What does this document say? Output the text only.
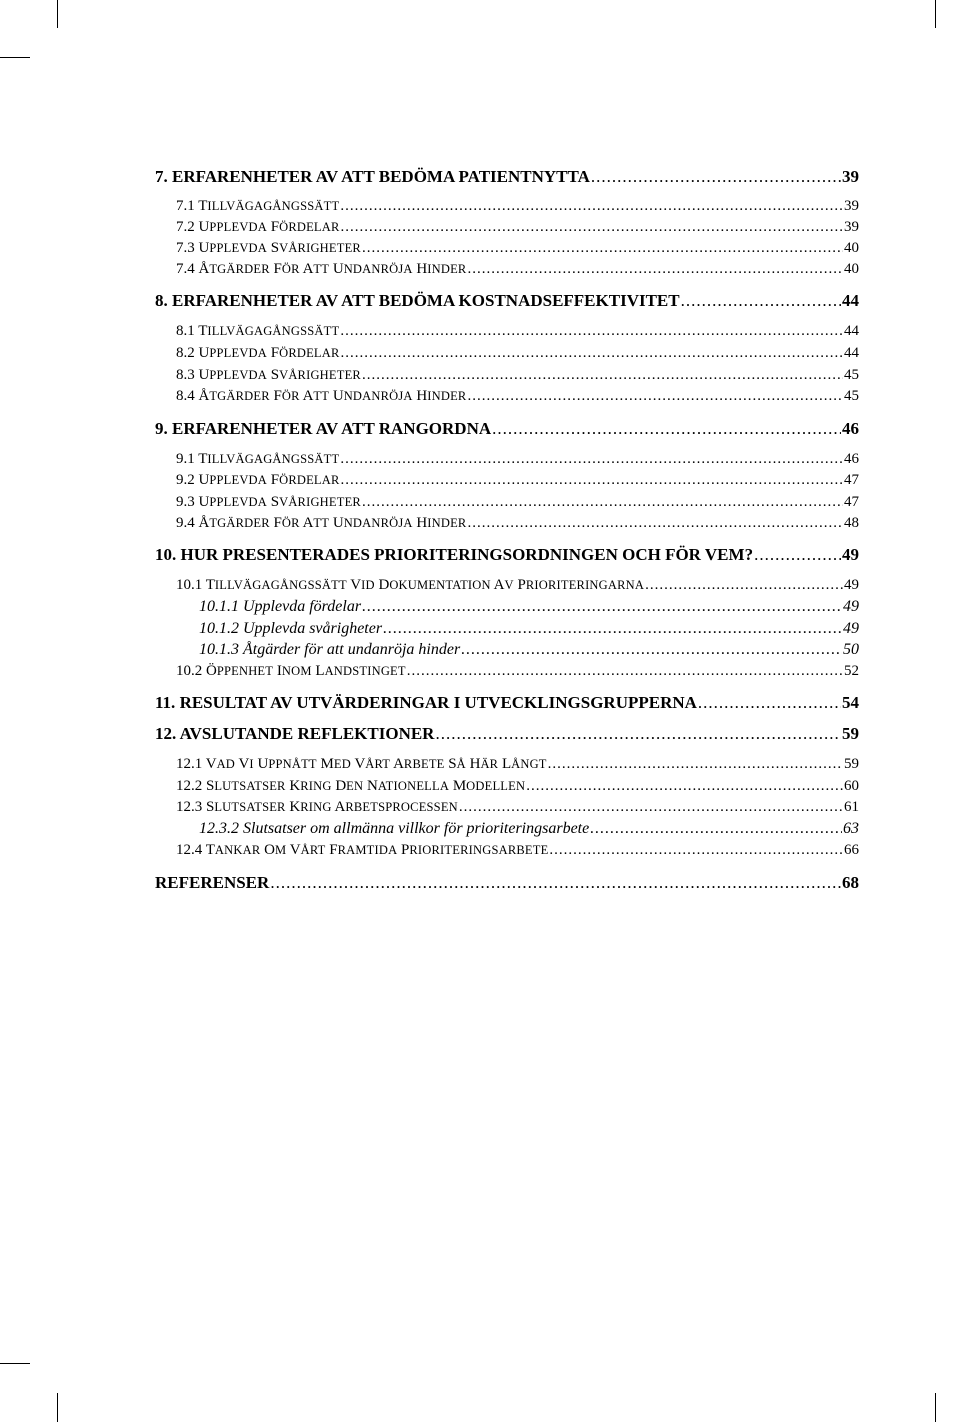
7. ERFARENHETER AV ATT BEDÖMA PATIENTNYTTA .....	39
7.1 TILLVÄGAGÅNGSSÄTT .....	39
7.2 UPPLEVDA FÖRDELAR .....	39
7.3 UPPLEVDA SVÅRIGHETER .....	40
7.4 ÅTGÄRDER FÖR ATT UNDANRÖJA HINDER .....	40
8. ERFARENHETER AV ATT BEDÖMA KOSTNADSEFFEKTIVITET .....	44
8.1 TILLVÄGAGÅNGSSÄTT .....	44
8.2 UPPLEVDA FÖRDELAR .....	44
8.3 UPPLEVDA SVÅRIGHETER .....	45
8.4 ÅTGÄRDER FÖR ATT UNDANRÖJA HINDER .....	45
9. ERFARENHETER AV ATT RANGORDNA .....	46
9.1 TILLVÄGAGÅNGSSÄTT .....	46
9.2 UPPLEVDA FÖRDELAR .....	47
9.3 UPPLEVDA SVÅRIGHETER .....	47
9.4 ÅTGÄRDER FÖR ATT UNDANRÖJA HINDER .....	48
10. HUR PRESENTERADES PRIORITERINGSORDNINGEN OCH FÖR VEM? .....	49
10.1 TILLVÄGAGÅNGSSÄTT VID DOKUMENTATION AV PRIORITERINGARNA .....	49
10.1.1 Upplevda fördelar .....	49
10.1.2 Upplevda svårigheter .....	49
10.1.3 Åtgärder för att undanröja hinder .....	50
10.2 ÖPPENHET INOM LANDSTINGET .....	52
11. RESULTAT AV UTVÄRDERINGAR I UTVECKLINGSGRUPPERNA .....	54
12. AVSLUTANDE REFLEKTIONER .....	59
12.1 VAD VI UPPNÅTT MED VÅRT ARBETE SÅ HÄR LÅNGT .....	59
12.2 SLUTSATSER KRING DEN NATIONELLA MODELLEN .....	60
12.3 SLUTSATSER KRING ARBETSPROCESSEN .....	61
12.3.2 Slutsatser om allmänna villkor för prioriteringsarbete .....	63
12.4 TANKAR OM VÅRT FRAMTIDA PRIORITERINGSARBETE .....	66
REFERENSER .....	68
